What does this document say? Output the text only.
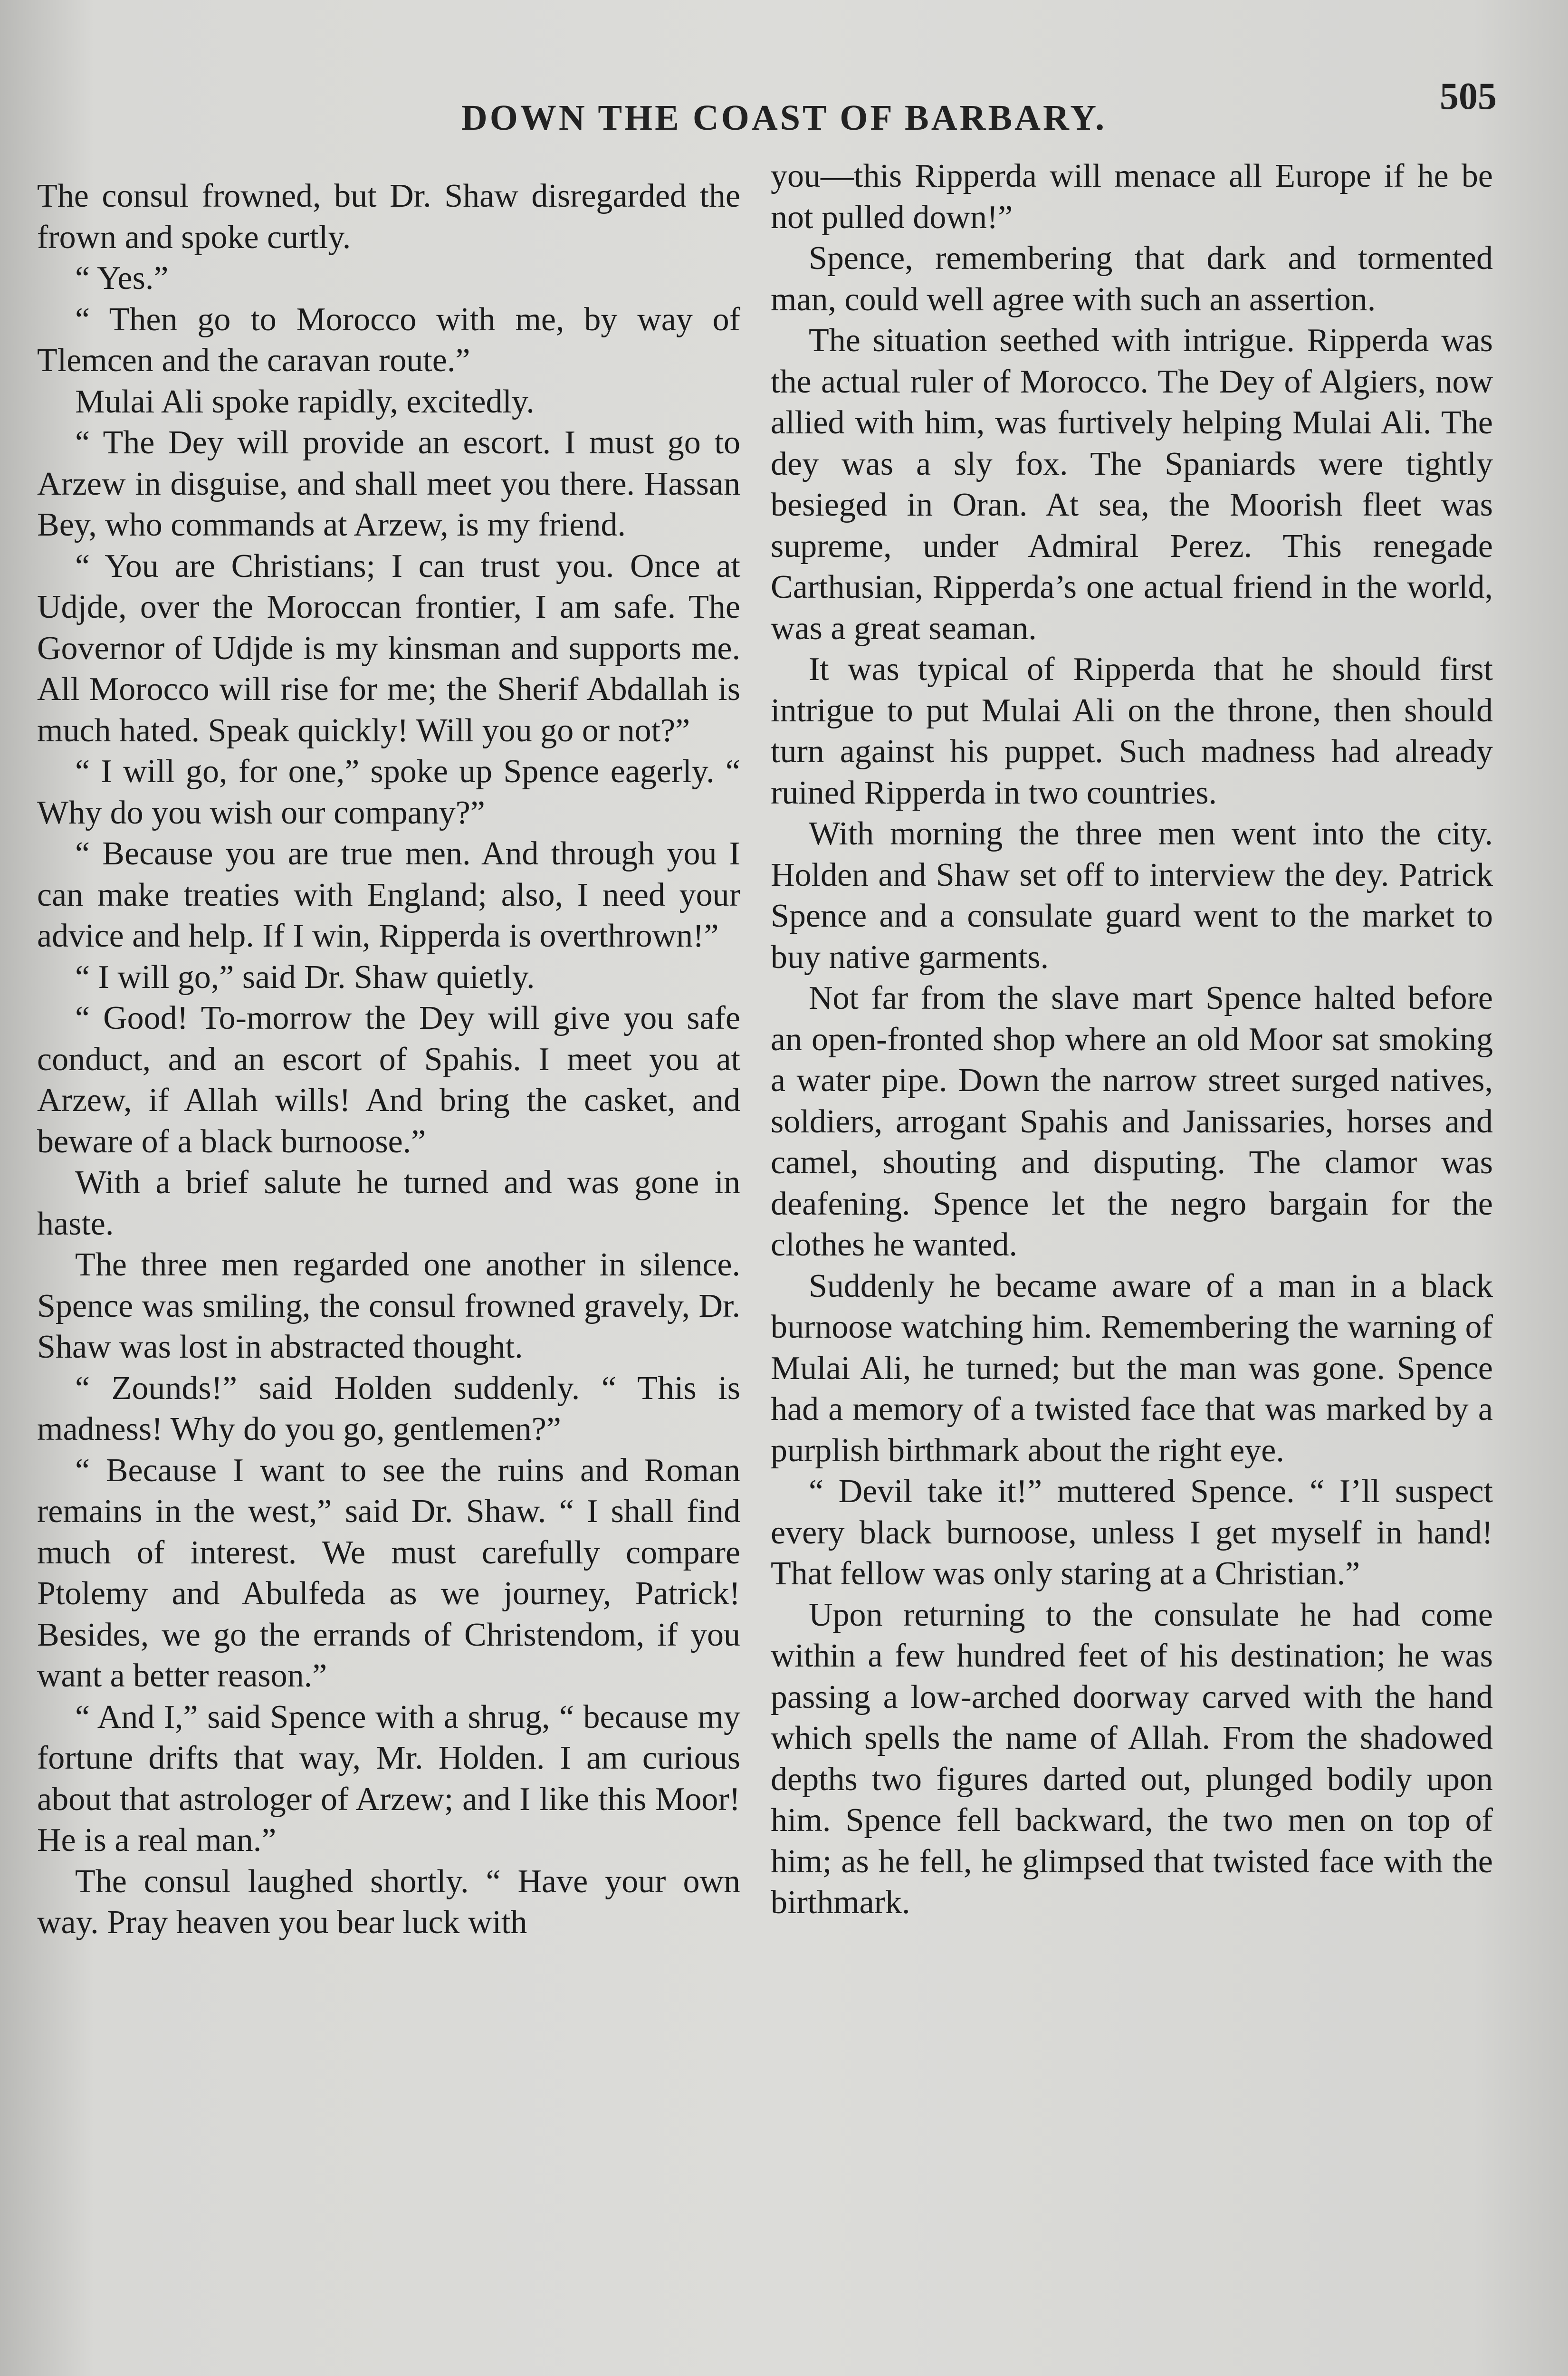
DOWN THE COAST OF BARBARY.
505

The consul frowned, but Dr. Shaw disregarded the frown and spoke curtly.

“ Yes.”

“ Then go to Morocco with me, by way of Tlemcen and the caravan route.”

Mulai Ali spoke rapidly, excitedly.

“ The Dey will provide an escort. I must go to Arzew in disguise, and shall meet you there. Hassan Bey, who commands at Arzew, is my friend.

“ You are Christians; I can trust you. Once at Udjde, over the Moroccan frontier, I am safe. The Governor of Udjde is my kinsman and supports me. All Morocco will rise for me; the Sherif Abdallah is much hated. Speak quickly! Will you go or not?”

“ I will go, for one,” spoke up Spence eagerly. “ Why do you wish our company?”

“ Because you are true men. And through you I can make treaties with England; also, I need your advice and help. If I win, Ripperda is overthrown!”

“ I will go,” said Dr. Shaw quietly.

“ Good! To-morrow the Dey will give you safe conduct, and an escort of Spahis. I meet you at Arzew, if Allah wills! And bring the casket, and beware of a black burnoose.”

With a brief salute he turned and was gone in haste.

The three men regarded one another in silence. Spence was smiling, the consul frowned gravely, Dr. Shaw was lost in abstracted thought.

“ Zounds!” said Holden suddenly. “ This is madness! Why do you go, gentlemen?”

“ Because I want to see the ruins and Roman remains in the west,” said Dr. Shaw. “ I shall find much of interest. We must carefully compare Ptolemy and Abulfeda as we journey, Patrick! Besides, we go the errands of Christendom, if you want a better reason.”

“ And I,” said Spence with a shrug, “ because my fortune drifts that way, Mr. Holden. I am curious about that astrologer of Arzew; and I like this Moor! He is a real man.”

The consul laughed shortly. “ Have your own way. Pray heaven you bear luck with

you—this Ripperda will menace all Europe if he be not pulled down!”

Spence, remembering that dark and tormented man, could well agree with such an assertion.

The situation seethed with intrigue. Ripperda was the actual ruler of Morocco. The Dey of Algiers, now allied with him, was furtively helping Mulai Ali. The dey was a sly fox. The Spaniards were tightly besieged in Oran. At sea, the Moorish fleet was supreme, under Admiral Perez. This renegade Carthusian, Ripperda’s one actual friend in the world, was a great seaman.

It was typical of Ripperda that he should first intrigue to put Mulai Ali on the throne, then should turn against his puppet. Such madness had already ruined Ripperda in two countries.

With morning the three men went into the city. Holden and Shaw set off to interview the dey. Patrick Spence and a consulate guard went to the market to buy native garments.

Not far from the slave mart Spence halted before an open-fronted shop where an old Moor sat smoking a water pipe. Down the narrow street surged natives, soldiers, arrogant Spahis and Janissaries, horses and camel, shouting and disputing. The clamor was deafening. Spence let the negro bargain for the clothes he wanted.

Suddenly he became aware of a man in a black burnoose watching him. Remembering the warning of Mulai Ali, he turned; but the man was gone. Spence had a memory of a twisted face that was marked by a purplish birthmark about the right eye.

“ Devil take it!” muttered Spence. “ I’ll suspect every black burnoose, unless I get myself in hand! That fellow was only staring at a Christian.”

Upon returning to the consulate he had come within a few hundred feet of his destination; he was passing a low-arched doorway carved with the hand which spells the name of Allah. From the shadowed depths two figures darted out, plunged bodily upon him. Spence fell backward, the two men on top of him; as he fell, he glimpsed that twisted face with the birthmark.
